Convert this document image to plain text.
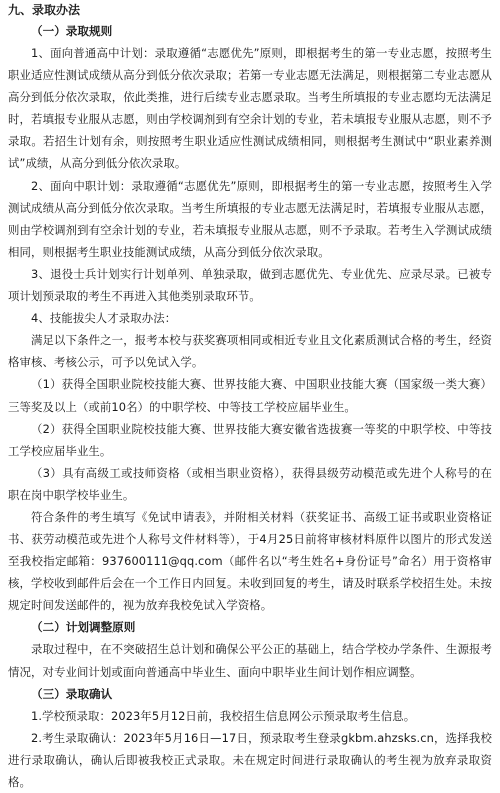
九、录取办法
（一）录取规则

1、面向普通高中计划：录取遵循“志愿优先”原则，即根据考生的第一专业志愿，按照考生职业适应性测试成绩从高分到低分依次录取；若第一专业志愿无法满足，则根据第二专业志愿从高分到低分依次录取，依此类推，进行后续专业志愿录取。当考生所填报的专业志愿均无法满足时，若填报专业服从志愿，则由学校调剂到有空余计划的专业，若未填报专业服从志愿，则不予录取。若招生计划有余，则按照考生职业适应性测试成绩相同，则根据考生测试中“职业素养测试”成绩，从高分到低分依次录取。

2、面向中职计划：录取遵循“志愿优先”原则，即根据考生的第一专业志愿，按照考生入学测试成绩从高分到低分依次录取。当考生所填报的专业志愿无法满足时，若填报专业服从志愿，则由学校调剂到有空余计划的专业，若未填报专业服从志愿，则不予录取。若考生入学测试成绩相同，则根据考生职业技能测试成绩，从高分到低分依次录取。

3、退役士兵计划实行计划单列、单独录取，做到志愿优先、专业优先、应录尽录。已被专项计划预录取的考生不再进入其他类别录取环节。

4、技能拔尖人才录取办法：

满足以下条件之一，报考本校与获奖赛项相同或相近专业且文化素质测试合格的考生，经资格审核、考核公示，可予以免试入学。

（1）获得全国职业院校技能大赛、世界技能大赛、中国职业技能大赛（国家级一类大赛）三等奖及以上（或前10名）的中职学校、中等技工学校应届毕业生。

（2）获得全国职业院校技能大赛、世界技能大赛安徽省选拔赛一等奖的中职学校、中等技工学校应届毕业生。

（3）具有高级工或技师资格（或相当职业资格），获得县级劳动模范或先进个人称号的在职在岗中职学校毕业生。

符合条件的考生填写《免试申请表》，并附相关材料（获奖证书、高级工证书或职业资格证书、获劳动模范或先进个人称号文件材料等），于4月25日前将审核材料原件以图片的形式发送至我校指定邮箱：937600111@qq.com（邮件名以“考生姓名+身份证号”命名）用于资格审核，学校收到邮件后会在一个工作日内回复。未收到回复的考生，请及时联系学校招生处。未按规定时间发送邮件的，视为放弃我校免试入学资格。

（二）计划调整原则

录取过程中，在不突破招生总计划和确保公平公正的基础上，结合学校办学条件、生源报考情况，对专业间计划或面向普通高中毕业生、面向中职毕业生间计划作相应调整。

（三）录取确认

1.学校预录取：2023年5月12日前，我校招生信息网公示预录取考生信息。

2.考生录取确认：2023年5月16日—17日，预录取考生登录gkbm.ahzsks.cn，选择我校进行录取确认，确认后即被我校正式录取。未在规定时间进行录取确认的考生视为放弃录取资格。
